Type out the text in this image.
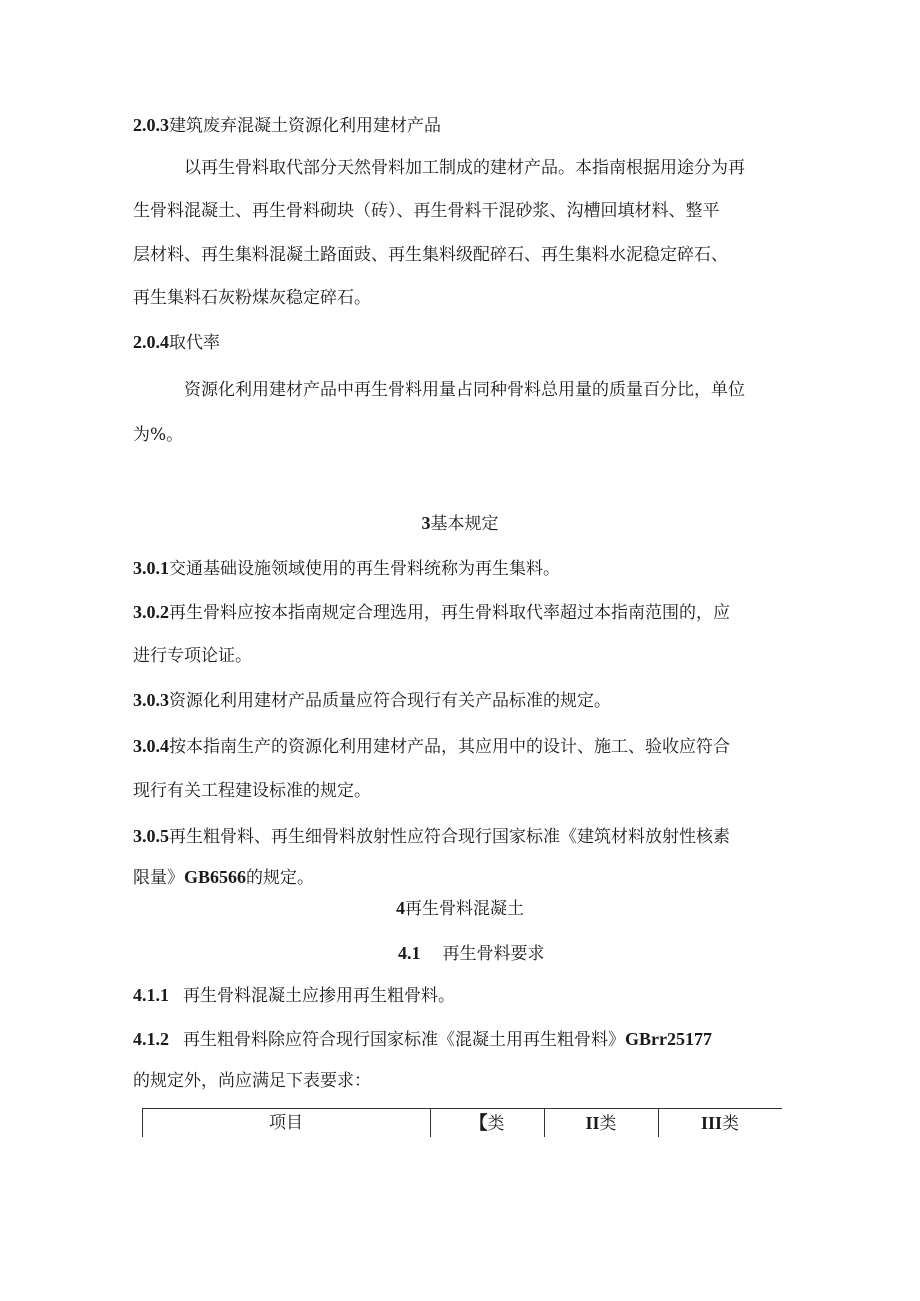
2.0.3建筑废弃混凝土资源化利用建材产品
以再生骨料取代部分天然骨料加工制成的建材产品。本指南根据用途分为再
生骨料混凝土、再生骨料砌块（砖）、再生骨料干混砂浆、沟槽回填材料、整平
层材料、再生集料混凝土路面豉、再生集料级配碎石、再生集料水泥稳定碎石、
再生集料石灰粉煤灰稳定碎石。
2.0.4取代率
资源化利用建材产品中再生骨料用量占同种骨料总用量的质量百分比，单位
为%。
3基本规定
3.0.1交通基础设施领域使用的再生骨料统称为再生集料。
3.0.2再生骨料应按本指南规定合理选用，再生骨料取代率超过本指南范围的，应
进行专项论证。
3.0.3资源化利用建材产品质量应符合现行有关产品标准的规定。
3.0.4按本指南生产的资源化利用建材产品，其应用中的设计、施工、验收应符合
现行有关工程建设标准的规定。
3.0.5再生粗骨料、再生细骨料放射性应符合现行国家标准《建筑材料放射性核素
限量》GB6566的规定。
4再生骨料混凝土
4.1 再生骨料要求
4.1.1 再生骨料混凝土应掺用再生粗骨料。
4.1.2 再生粗骨料除应符合现行国家标准《混凝土用再生粗骨料》GBrr25177
的规定外，尚应满足下表要求：
项目	【类	II类	III类
